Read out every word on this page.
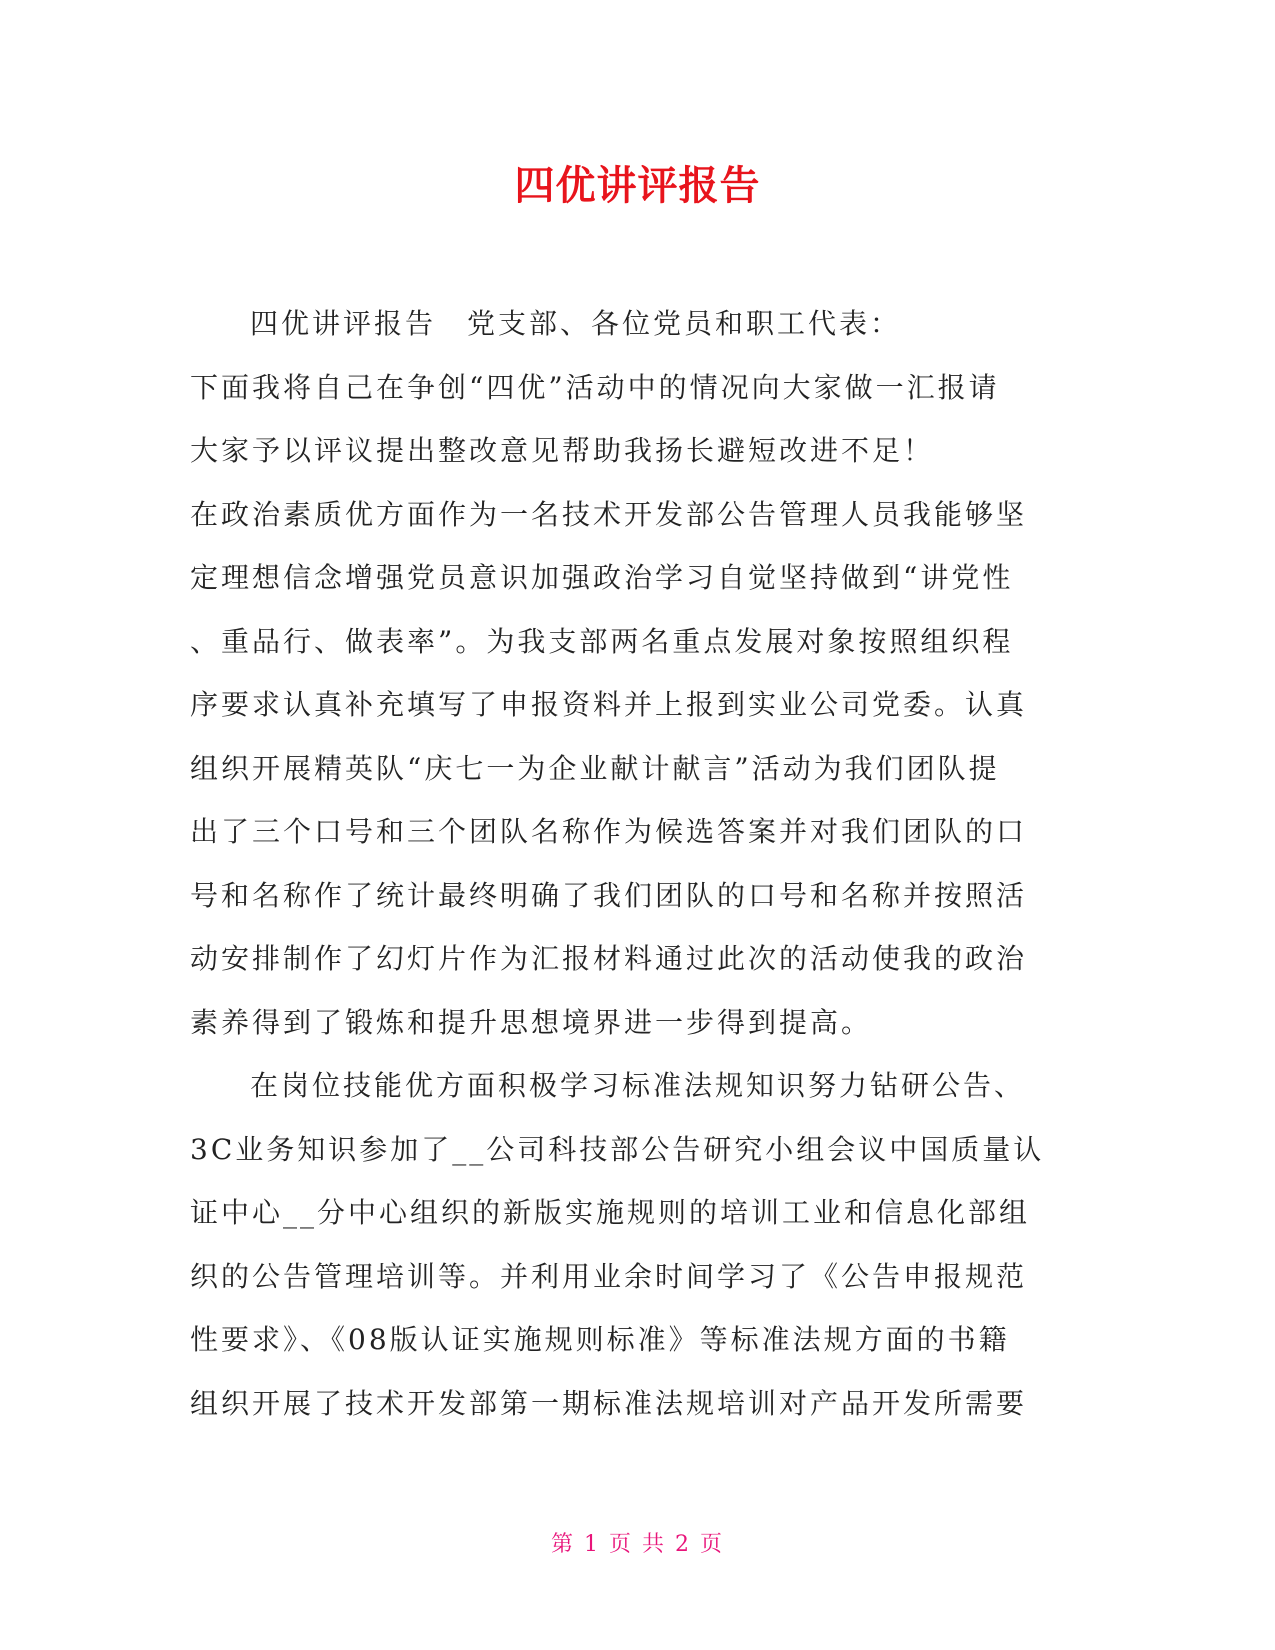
四优讲评报告
四优讲评报告　党支部、各位党员和职工代表：
下面我将自己在争创“四优”活动中的情况向大家做一汇报请
大家予以评议提出整改意见帮助我扬长避短改进不足！
在政治素质优方面作为一名技术开发部公告管理人员我能够坚
定理想信念增强党员意识加强政治学习自觉坚持做到“讲党性
、重品行、做表率”。为我支部两名重点发展对象按照组织程
序要求认真补充填写了申报资料并上报到实业公司党委。认真
组织开展精英队“庆七一为企业献计献言”活动为我们团队提
出了三个口号和三个团队名称作为候选答案并对我们团队的口
号和名称作了统计最终明确了我们团队的口号和名称并按照活
动安排制作了幻灯片作为汇报材料通过此次的活动使我的政治
素养得到了锻炼和提升思想境界进一步得到提高。
在岗位技能优方面积极学习标准法规知识努力钻研公告、
3C业务知识参加了__公司科技部公告研究小组会议中国质量认
证中心__分中心组织的新版实施规则的培训工业和信息化部组
织的公告管理培训等。并利用业余时间学习了《公告申报规范
性要求》、《08版认证实施规则标准》等标准法规方面的书籍
组织开展了技术开发部第一期标准法规培训对产品开发所需要
第 1 页 共 2 页
